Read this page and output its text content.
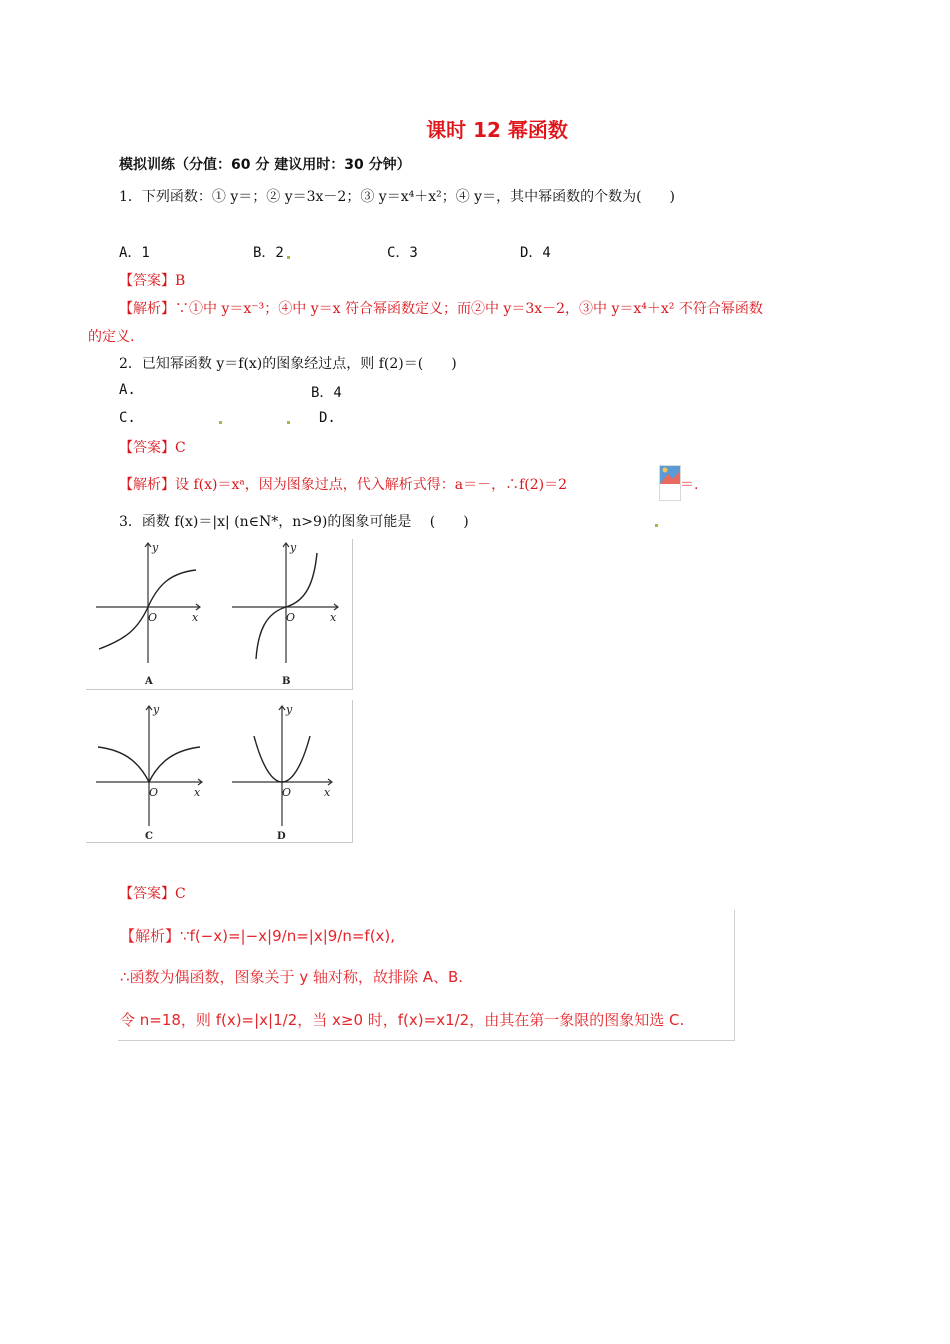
课时 12 幂函数
模拟训练（分值：60 分 建议用时：30 分钟）
1．下列函数：① y＝；② y＝3x－2；③ y＝x⁴＋x²；④ y＝，其中幂函数的个数为(　　)
A．1	B．2	C．3	D．4
【答案】B
【解析】∵①中 y＝x⁻³；④中 y＝x 符合幂函数定义；而②中 y＝3x－2，③中 y＝x⁴＋x² 不符合幂函数
的定义.
2．已知幂函数 y＝f(x)的图象经过点，则 f(2)＝(　　)
A.	B．4
C.	D.
【答案】C
【解析】设 f(x)＝xᵃ，因为图象过点，代入解析式得：a＝－，∴f(2)＝2	＝.
3．函数 f(x)＝|x| (n∈N*，n>9)的图象可能是　 (　　)
y
x
O
y
x
O
A	B
y
x
O
y
x
O
C	D
【答案】C
【解析】∵f(−x)=|−x|9/n=|x|9/n=f(x),
∴函数为偶函数，图象关于 y 轴对称，故排除 A、B.
令 n=18，则 f(x)=|x|1/2，当 x≥0 时，f(x)=x1/2，由其在第一象限的图象知选 C.
